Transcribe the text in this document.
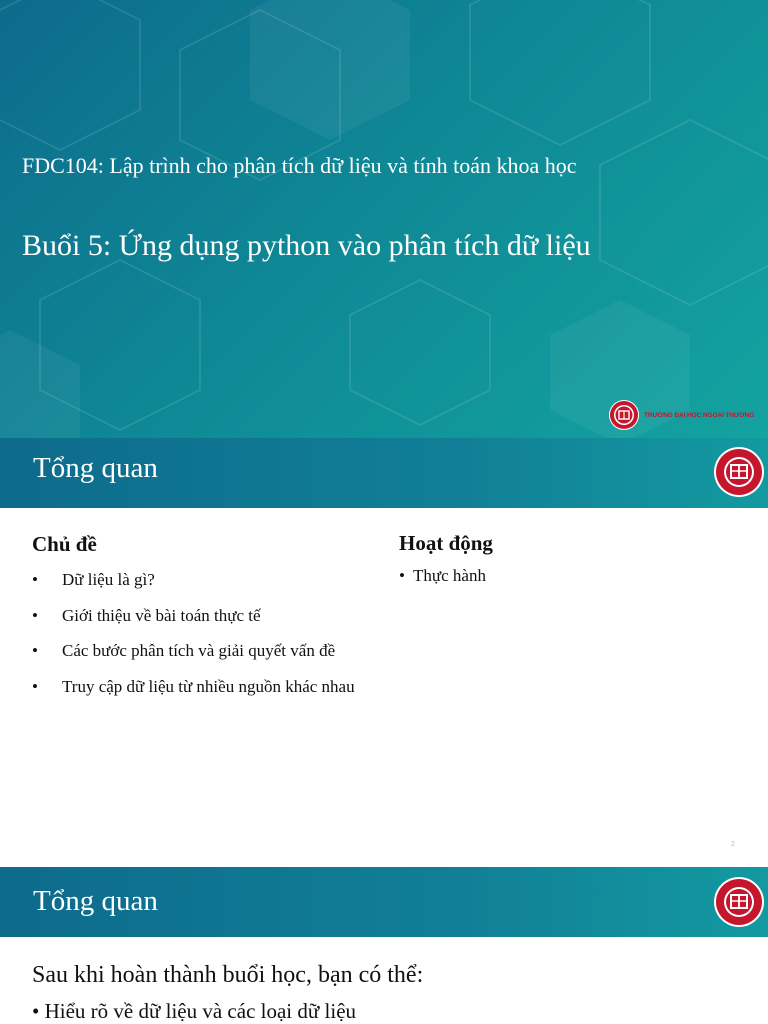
FDC104: Lập trình cho phân tích dữ liệu và tính toán khoa học
Buổi 5: Ứng dụng python vào phân tích dữ liệu
TRƯỜNG ĐẠI HỌC NGOẠI THƯƠNG
Tổng quan
Chủ đề
•	Dữ liệu là gì?
•	Giới thiệu về bài toán thực tế
•	Các bước phân tích và giải quyết vấn đề
•	Truy cập dữ liệu từ nhiều nguồn khác nhau
Hoạt động
• Thực hành
2
Tổng quan
Sau khi hoàn thành buổi học, bạn có thể:
• Hiểu rõ về dữ liệu và các loại dữ liệu
